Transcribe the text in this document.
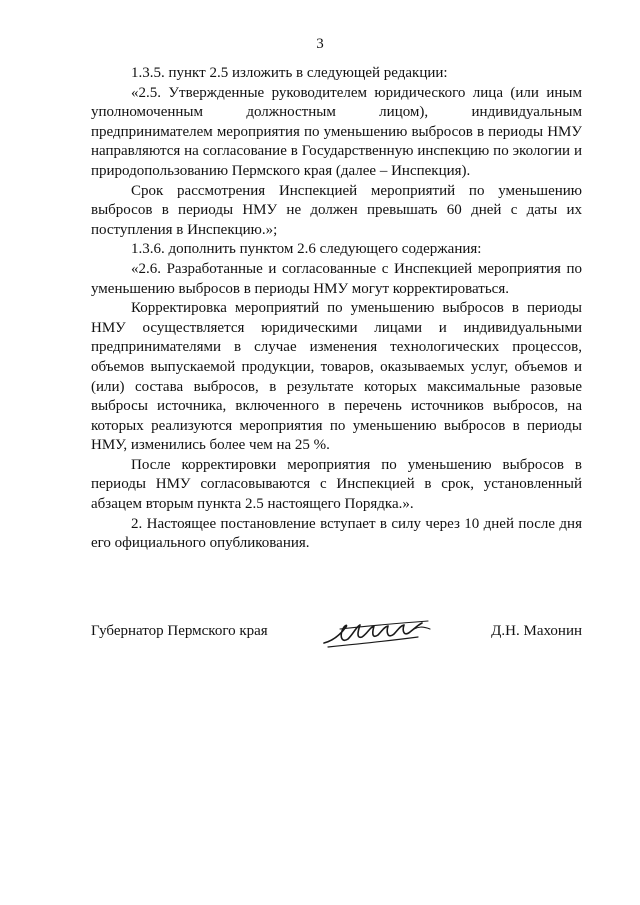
3

1.3.5. пункт 2.5 изложить в следующей редакции:

«2.5. Утвержденные руководителем юридического лица (или иным уполномоченным должностным лицом), индивидуальным предпринимателем мероприятия по уменьшению выбросов в периоды НМУ направляются на согласование в Государственную инспекцию по экологии и природопользованию Пермского края (далее – Инспекция).

Срок рассмотрения Инспекцией мероприятий по уменьшению выбросов в периоды НМУ не должен превышать 60 дней с даты их поступления в Инспекцию.»;

1.3.6. дополнить пунктом 2.6 следующего содержания:

«2.6. Разработанные и согласованные с Инспекцией мероприятия по уменьшению выбросов в периоды НМУ могут корректироваться.

Корректировка мероприятий по уменьшению выбросов в периоды НМУ осуществляется юридическими лицами и индивидуальными предпринимателями в случае изменения технологических процессов, объемов выпускаемой продукции, товаров, оказываемых услуг, объемов и (или) состава выбросов, в результате которых максимальные разовые выбросы источника, включенного в перечень источников выбросов, на которых реализуются мероприятия по уменьшению выбросов в периоды НМУ, изменились более чем на 25 %.

После корректировки мероприятия по уменьшению выбросов в периоды НМУ согласовываются с Инспекцией в срок, установленный абзацем вторым пункта 2.5 настоящего Порядка.».

2. Настоящее постановление вступает в силу через 10 дней после дня его официального опубликования.

Губернатор Пермского края	Д.Н. Махонин
